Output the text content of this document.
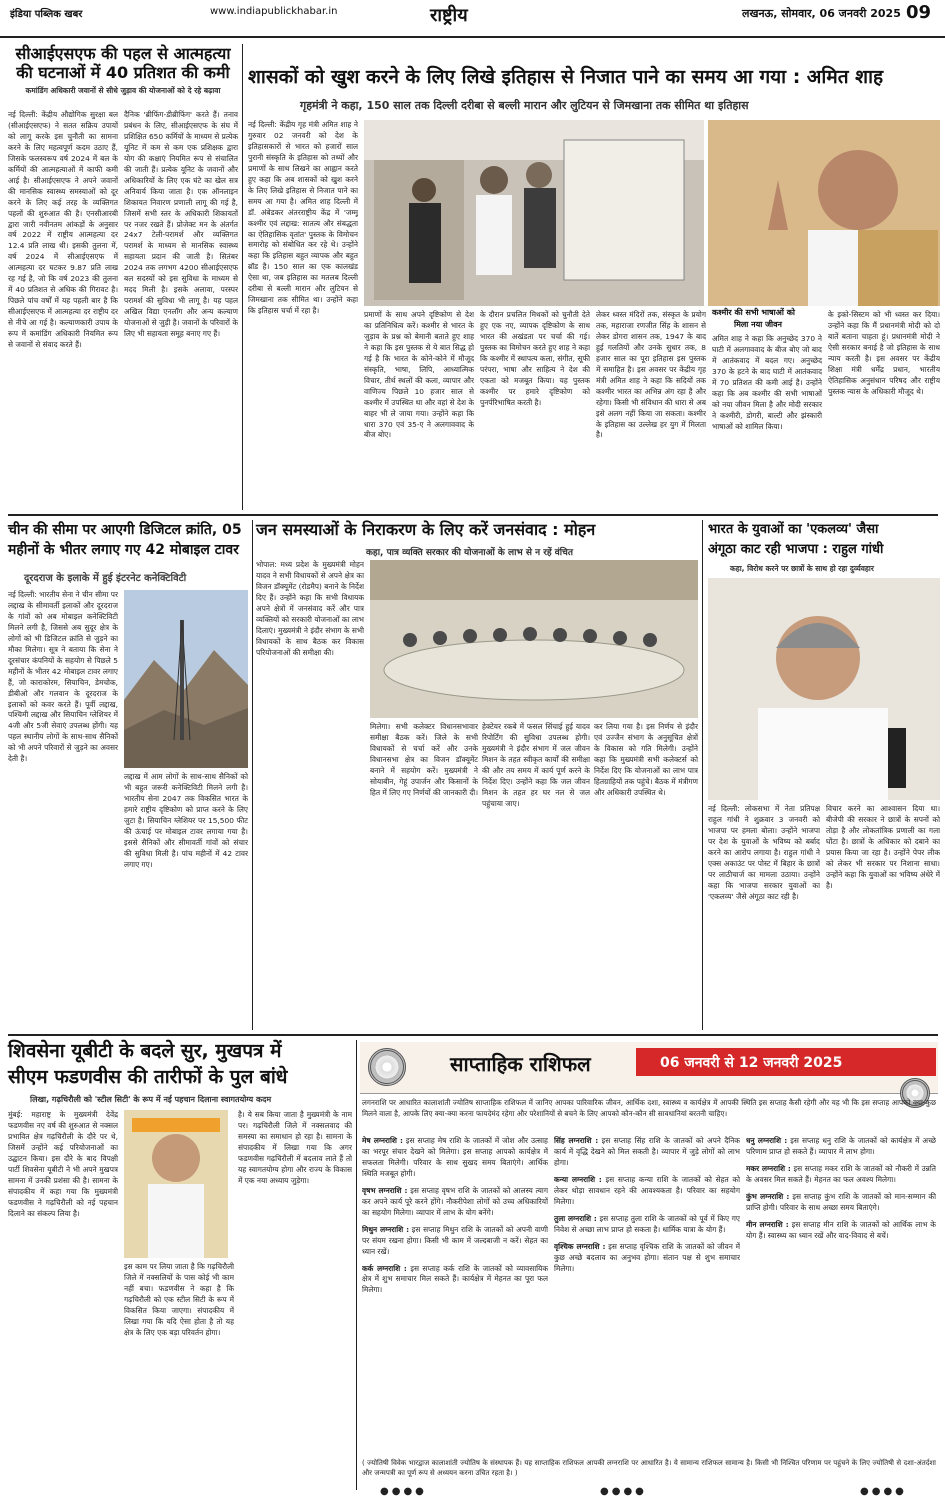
इंडिया पब्लिक खबर	www.indiapublickhabar.in	राष्ट्रीय	लखनऊ, सोमवार, 06 जनवरी 2025 09
सीआईएसएफ की पहल से आत्महत्या
की घटनाओं में 40 प्रतिशत की कमी
कमांडिंग अधिकारी जवानों से सीधे जुड़ाव की योजनाओं को दे रहे बढ़ावा
नई दिल्ली: केंद्रीय औद्योगिक सुरक्षा बल (सीआईएसएफ) ने सतत सक्रिय उपायों को लागू करके इस चुनौती का सामना करने के लिए महत्वपूर्ण कदम उठाए हैं, जिसके फलस्वरूप वर्ष 2024 में बल के कर्मियों की आत्महत्याओं में काफी कमी आई है। सीआईएसएफ ने अपने जवानों की मानसिक स्वास्थ्य समस्याओं को दूर करने के लिए कई तरह के व्यक्तिगत पहलों की शुरुआत की है। एनसीआरबी द्वारा जारी नवीनतम आंकड़ों के अनुसार वर्ष 2022 में राष्ट्रीय आत्महत्या दर 12.4 प्रति लाख थी। इसकी तुलना में, वर्ष 2024 में सीआईएसएफ में आत्महत्या दर घटकर 9.87 प्रति लाख रह गई है, जो कि वर्ष 2023 की तुलना में 40 प्रतिशत से अधिक की गिरावट है। पिछले पांच वर्षों में यह पहली बार है कि सीआईएसएफ में आत्महत्या दर राष्ट्रीय दर से नीचे आ गई है। कल्याणकारी उपाय के रूप में कमांडिंग अधिकारी नियमित रूप से जवानों से संवाद करते हैं।
दैनिक 'ब्रीफिंग-डीब्रीफिंग' करते हैं। तनाव प्रबंधन के लिए, सीआईएसएफ के संघ में प्रशिक्षित 650 कर्मियों के माध्यम से प्रत्येक यूनिट में कम से कम एक प्रशिक्षक द्वारा योग की कक्षाएं नियमित रूप से संचालित की जाती हैं। प्रत्येक यूनिट के जवानों और अधिकारियों के लिए एक घंटे का खेल सत्र अनिवार्य किया जाता है। एक ऑनलाइन शिकायत निवारण प्रणाली लागू की गई है, जिसमें सभी स्तर के अधिकारी शिकायतों पर नजर रखते हैं। प्रोजेक्ट मन के अंतर्गत 24x7 टेली-परामर्श और व्यक्तिगत परामर्श के माध्यम से मानसिक स्वास्थ्य सहायता प्रदान की जाती है। सितंबर 2024 तक लगभग 4200 सीआईएसएफ बल सदस्यों को इस सुविधा के माध्यम से मदद मिली है। इसके अलावा, परस्पर परामर्श की सुविधा भी लागू है। यह पहल अखिल विद्या एनलॉग और अन्य कल्याण योजनाओं से जुड़ी है। जवानों के परिवारों के लिए भी सहायता समूह बनाए गए हैं।
शासकों को खुश करने के लिए लिखे इतिहास से निजात पाने का समय आ गया : अमित शाह
गृहमंत्री ने कहा, 150 साल तक दिल्ली दरीबा से बल्ली मारान और लुटियन से जिमखाना तक सीमित था इतिहास
नई दिल्ली: केंद्रीय गृह मंत्री अमित शाह ने गुरुवार 02 जनवरी को देश के इतिहासकारों से भारत को हजारों साल पुरानी संस्कृति के इतिहास को तथ्यों और प्रमाणों के साथ लिखने का आह्वान करते हुए कहा कि अब शासकों को खुश करने के लिए लिखे इतिहास से निजात पाने का समय आ गया है। अमित शाह दिल्ली में डॉ. अंबेडकर अंतरराष्ट्रीय केंद्र में 'जम्मू कश्मीर एवं लद्दाख: सातत्य और संबद्धता का ऐतिहासिक वृतांत' पुस्तक के विमोचन समारोह को संबोधित कर रहे थे। उन्होंने कहा कि इतिहास बहुत व्यापक और बहुत ब्रॉड है। 150 साल का एक कालखंड ऐसा था, जब इतिहास का मतलब दिल्ली दरीबा से बल्ली मारान और लुटियन से जिमखाना तक सीमित था। उन्होंने कहा कि इतिहास चर्चा में रहा है।	प्रमाणों के साथ अपने दृष्टिकोण से देश का प्रतिनिधित्व करें। कश्मीर से भारत के जुड़ाव के प्रश्न को बेमानी बताते हुए शाह ने कहा कि इस पुस्तक से ये बात सिद्ध हो गई है कि भारत के कोने-कोने में मौजूद संस्कृति, भाषा, लिपि, आध्यात्मिक विचार, तीर्थ स्थलों की कला, व्यापार और वाणिज्य पिछले 10 हजार साल से कश्मीर में उपस्थित था और वहां से देश के बाहर भी ले जाया गया। उन्होंने कहा कि धारा 370 एवं 35-ए ने अलगाववाद के बीज बोए।
के दौरान प्रचलित मिथकों को चुनौती देते हुए एक नए, व्यापक दृष्टिकोण के साथ भारत की अखंडता पर चर्चा की गई। पुस्तक का विमोचन करते हुए शाह ने कहा कि कश्मीर में स्थापत्य कला, संगीत, सूफी परंपरा, भाषा और साहित्य ने देश की एकता को मजबूत किया। यह पुस्तक कश्मीर पर हमारे दृष्टिकोण को पुनर्परिभाषित करती है।
लेकर ध्वस्त मंदिरों तक, संस्कृत के प्रयोग तक, महाराजा रणजीत सिंह के शासन से लेकर डोगरा शासन तक, 1947 के बाद हुई गलतियों और उनके सुधार तक, 8 हजार साल का पूरा इतिहास इस पुस्तक में समाहित है। इस अवसर पर केंद्रीय गृह मंत्री अमित शाह ने कहा कि सदियों तक कश्मीर भारत का अभिन्न अंग रहा है और रहेगा। किसी भी संविधान की धारा से अब इसे अलग नहीं किया जा सकता। कश्मीर के इतिहास का उल्लेख हर युग में मिलता है।
कश्मीर की सभी भाषाओं को
मिला नया जीवन
अमित शाह ने कहा कि अनुच्छेद 370 ने घाटी में अलगाववाद के बीज बोए जो बाद में आतंकवाद में बदल गए। अनुच्छेद 370 के हटने के बाद घाटी में आतंकवाद में 70 प्रतिशत की कमी आई है। उन्होंने कहा कि अब कश्मीर की सभी भाषाओं को नया जीवन मिला है और मोदी सरकार ने कश्मीरी, डोगरी, बाल्टी और झंस्कारी भाषाओं को शामिल किया।
के इको-सिस्टम को भी ध्वस्त कर दिया। उन्होंने कहा कि मैं प्रधानमंत्री मोदी को दो बातें बताना चाहता हूं। प्रधानमंत्री मोदी ने ऐसी सरकार बनाई है जो इतिहास के साथ न्याय करती है। इस अवसर पर केंद्रीय शिक्षा मंत्री धर्मेंद्र प्रधान, भारतीय ऐतिहासिक अनुसंधान परिषद और राष्ट्रीय पुस्तक न्यास के अधिकारी मौजूद थे।
चीन की सीमा पर आएगी डिजिटल क्रांति, 05
महीनों के भीतर लगाए गए 42 मोबाइल टावर
दूरदराज के इलाके में हुई इंटरनेट कनेक्टिविटी
नई दिल्ली: भारतीय सेना ने चीन सीमा पर लद्दाख के सीमावर्ती इलाकों और दूरदराज के गांवों को अब मोबाइल कनेक्टिविटी मिलने लगी है, जिससे अब सुदूर क्षेत्र के लोगों को भी डिजिटल क्रांति से जुड़ने का मौका मिलेगा। सूत्र ने बताया कि सेना ने दूरसंचार कंपनियों के सहयोग से पिछले 5 महीनों के भीतर 42 मोबाइल टावर लगाए हैं, जो काराकोरम, सियाचिन, डेमचोक, डीबीओ और गलवान के दूरदराज के इलाकों को कवर करते हैं। पूर्वी लद्दाख, पश्चिमी लद्दाख और सियाचिन ग्लेशियर में 4जी और 5जी सेवाएं उपलब्ध होंगी। यह पहल स्थानीय लोगों के साथ-साथ सैनिकों को भी अपने परिवारों से जुड़ने का अवसर देती है।
लद्दाख में आम लोगों के साथ-साथ सैनिकों को भी बहुत जरूरी कनेक्टिविटी मिलने लगी है। भारतीय सेना 2047 तक विकसित भारत के हमारे राष्ट्रीय दृष्टिकोण को प्राप्त करने के लिए जुटा है। सियाचिन ग्लेशियर पर 15,500 फीट की ऊंचाई पर मोबाइल टावर लगाया गया है। इससे सैनिकों और सीमावर्ती गांवों को संचार की सुविधा मिली है। पांच महीनों में 42 टावर लगाए गए।
जन समस्याओं के निराकरण के लिए करें जनसंवाद : मोहन
कहा, पात्र व्यक्ति सरकार की योजनाओं के लाभ से न रहें वंचित
भोपाल: मध्य प्रदेश के मुख्यमंत्री मोहन यादव ने सभी विधायकों से अपने क्षेत्र का विजन डॉक्यूमेंट (रोडमैप) बनाने के निर्देश दिए हैं। उन्होंने कहा कि सभी विधायक अपने क्षेत्रों में जनसंवाद करें और पात्र व्यक्तियों को सरकारी योजनाओं का लाभ दिलाएं। मुख्यमंत्री ने इंदौर संभाग के सभी विधायकों के साथ बैठक कर विकास परियोजनाओं की समीक्षा की।
मिलेगा। सभी कलेक्टर विधानसभावार समीक्षा बैठक करें। जिले के सभी विधायकों से चर्चा करें और उनके विधानसभा क्षेत्र का विजन डॉक्यूमेंट बनाने में सहयोग करें। मुख्यमंत्री ने सोयाबीन, गेहूं उपार्जन और किसानों के हित में लिए गए निर्णयों की जानकारी दी।
हेक्टेयर रकबे में फसल सिंचाई हुई यादव रिपोर्टिंग की सुविधा उपलब्ध होगी। मुख्यमंत्री ने इंदौर संभाग में जल जीवन मिशन के तहत स्वीकृत कार्यों की समीक्षा की और तय समय में कार्य पूर्ण करने के निर्देश दिए। उन्होंने कहा कि जल जीवन मिशन के तहत हर घर नल से जल पहुंचाया जाए।
कर लिया गया है। इस निर्णय से इंदौर एवं उज्जैन संभाग के अनुसूचित क्षेत्रों के विकास को गति मिलेगी। उन्होंने कहा कि मुख्यमंत्री सभी कलेक्टर्स को निर्देश दिए कि योजनाओं का लाभ पात्र हितग्राहियों तक पहुंचे। बैठक में मंत्रीगण और अधिकारी उपस्थित थे।
भारत के युवाओं का 'एकलव्य' जैसा
अंगूठा काट रही भाजपा : राहुल गांधी
कहा, विरोध करने पर छात्रों के साथ हो रहा दुर्व्यवहार
नई दिल्ली: लोकसभा में नेता प्रतिपक्ष राहुल गांधी ने शुक्रवार 3 जनवरी को भाजपा पर हमला बोला। उन्होंने भाजपा पर देश के युवाओं के भविष्य को बर्बाद करने का आरोप लगाया है। राहुल गांधी ने एक्स अकाउंट पर पोस्ट में बिहार के छात्रों पर लाठीचार्ज का मामला उठाया। उन्होंने कहा कि भाजपा सरकार युवाओं का 'एकलव्य' जैसे अंगूठा काट रही है।
विचार करने का आश्वासन दिया था। बीजेपी की सरकार ने छात्रों के सपनों को तोड़ा है और लोकतांत्रिक प्रणाली का गला घोंटा है। छात्रों के अधिकार को दबाने का प्रयास किया जा रहा है। उन्होंने पेपर लीक को लेकर भी सरकार पर निशाना साधा। उन्होंने कहा कि युवाओं का भविष्य अंधेरे में है।
शिवसेना यूबीटी के बदले सुर, मुखपत्र में
सीएम फडणवीस की तारीफों के पुल बांधे
लिखा, गढ़चिरौली को 'स्टील सिटी' के रूप में नई पहचान दिलाना स्वागतयोग्य कदम
मुंबई: महाराष्ट्र के मुख्यमंत्री देवेंद्र फडणवीस नए वर्ष की शुरुआत से नक्सल प्रभावित क्षेत्र गढ़चिरौली के दौरे पर थे, जिसमें उन्होंने कई परियोजनाओं का उद्घाटन किया। इस दौरे के बाद विपक्षी पार्टी शिवसेना यूबीटी ने भी अपने मुखपत्र सामना में उनकी प्रशंसा की है। सामना के संपादकीय में कहा गया कि मुख्यमंत्री फडणवीस ने गढ़चिरौली को नई पहचान दिलाने का संकल्प लिया है।
इस काम पर लिया जाता है कि गढ़चिरौली जिले में नक्सलियों के पास कोई भी काम नहीं बचा। फडणवीस ने कहा है कि गढ़चिरौली को एक स्टील सिटी के रूप में विकसित किया जाएगा। संपादकीय में लिखा गया कि यदि ऐसा होता है तो यह क्षेत्र के लिए एक बड़ा परिवर्तन होगा।
है। ये सब किया जाता है मुख्यमंत्री के नाम पर। गढ़चिरौली जिले में नक्सलवाद की समस्या का समाधान हो रहा है। सामना के संपादकीय में लिखा गया कि अगर फडणवीस गढ़चिरौली में बदलाव लाते हैं तो यह स्वागतयोग्य होगा और राज्य के विकास में एक नया अध्याय जुड़ेगा।
साप्ताहिक राशिफल	06 जनवरी से 12 जनवरी 2025
लगनराशि पर आधारित कालाशांती ज्योतिष साप्ताहिक राशिफल में जानिए आपका पारिवारिक जीवन, आर्थिक दशा, स्वास्थ्य व कार्यक्षेत्र में आपकी स्थिति इस सप्ताह कैसी रहेगी और यह भी कि इस सप्ताह आपको क्या-कुछ मिलने वाला है, आपके लिए क्या-क्या करना फायदेमंद रहेगा और परेशानियों से बचने के लिए आपको कौन-कौन सी सावधानियां बरतनी चाहिए।
मेष लग्नराशि : इस सप्ताह मेष राशि के जातकों में जोश और उत्साह का भरपूर संचार देखने को मिलेगा। इस सप्ताह आपको कार्यक्षेत्र में सफलता मिलेगी। परिवार के साथ सुखद समय बिताएंगे। आर्थिक स्थिति मजबूत होगी।
वृषभ लग्नराशि : इस सप्ताह वृषभ राशि के जातकों को आलस्य त्याग कर अपने कार्य पूरे करने होंगे। नौकरीपेशा लोगों को उच्च अधिकारियों का सहयोग मिलेगा। व्यापार में लाभ के योग बनेंगे।
मिथुन लग्नराशि : इस सप्ताह मिथुन राशि के जातकों को अपनी वाणी पर संयम रखना होगा। किसी भी काम में जल्दबाजी न करें। सेहत का ध्यान रखें।
कर्क लग्नराशि : इस सप्ताह कर्क राशि के जातकों को व्यावसायिक क्षेत्र में शुभ समाचार मिल सकते हैं। कार्यक्षेत्र में मेहनत का पूरा फल मिलेगा।
सिंह लग्नराशि : इस सप्ताह सिंह राशि के जातकों को अपने दैनिक कार्य में वृद्धि देखने को मिल सकती है। व्यापार में जुड़े लोगों को लाभ होगा।
कन्या लग्नराशि : इस सप्ताह कन्या राशि के जातकों को सेहत को लेकर थोड़ा सावधान रहने की आवश्यकता है। परिवार का सहयोग मिलेगा।
तुला लग्नराशि : इस सप्ताह तुला राशि के जातकों को पूर्व में किए गए निवेश से अच्छा लाभ प्राप्त हो सकता है। धार्मिक यात्रा के योग हैं।
वृश्चिक लग्नराशि : इस सप्ताह वृश्चिक राशि के जातकों को जीवन में कुछ अच्छे बदलाव का अनुभव होगा। संतान पक्ष से शुभ समाचार मिलेगा।
धनु लग्नराशि : इस सप्ताह धनु राशि के जातकों को कार्यक्षेत्र में अच्छे परिणाम प्राप्त हो सकते हैं। व्यापार में लाभ होगा।
मकर लग्नराशि : इस सप्ताह मकर राशि के जातकों को नौकरी में उन्नति के अवसर मिल सकते हैं। मेहनत का फल अवश्य मिलेगा।
कुंभ लग्नराशि : इस सप्ताह कुंभ राशि के जातकों को मान-सम्मान की प्राप्ति होगी। परिवार के साथ अच्छा समय बिताएंगे।
मीन लग्नराशि : इस सप्ताह मीन राशि के जातकों को आर्थिक लाभ के योग हैं। स्वास्थ्य का ध्यान रखें और वाद-विवाद से बचें।
( ज्योतिषी विवेक भारद्वाज कालाशांती ज्योतिष के संस्थापक हैं। यह साप्ताहिक राशिफल आपकी लग्नराशि पर आधारित है। ये सामान्य राशिफल सामान्य है। किसी भी निश्चित परिणाम पर पहुंचने के लिए ज्योतिषी से दशा-अंतर्दशा और जन्मपत्री का पूर्ण रूप से अध्ययन करना उचित रहता है। )
●●●●	●●●●	●●●●
